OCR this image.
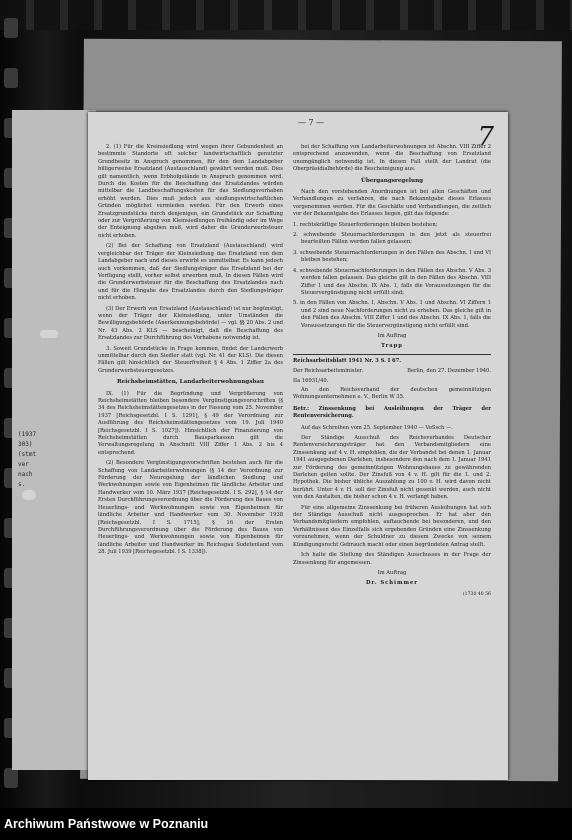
(1937
303)
(stmt
ver
nach
s.
— 7 —	7

2. (1) Für die Kreinsiedlung wird wegen ihrer Gebundenheit an bestimmte Standorte oft solcher landwirtschaftlich genutzter Grundbesitz in Anspruch genommen, für den dem Landabgeber billigerweise Ersatzland (Austauschland) gewährt werden muß. Dies gilt namentlich, wenn Erbhofgelände in Anspruch genommen wird. Durch die Kosten für die Beschaffung des Ersatzlandes würden mittelbar die Landbeschaffungskosten für das Siedlungsvorhaben erhöht werden. Dies muß jedoch aus siedlungswirtschaftlichen Gründen möglichst vermieden werden. Für den Erwerb eines Ersatzgrundstücks durch denjenigen, ein Grundstück zur Schaffung oder zur Vergrößerung von Kleinsiedlungen freihändig oder im Wege der Enteignung abgeben muß, wird daher die Grunderwerbsteuer nicht erhoben.

(2) Bei der Schaffung von Ersatzland (Austauschland) wird vergleichbar der Träger der Kleinsiedlung das Ersatzland von dem Landabgeber nach und dieses erwirbt es unmittelbar. Es kann jedoch auch vorkommen, daß der Siedlungsträger das Ersatzland bei der Verfügung stellt, vorher selbst erwerben muß. In diesen Fällen wird die Grunderwerbsteuer für die Beschaffung des Ersatzlandes nach und für die Hingabe des Ersatzlandes durch den Siedlungsträger nicht erhoben.

(3) Der Erwerb von Ersatzland (Austauschland) ist nur begünstigt, wenn der Träger der Kleinsiedlung, unter Umständen die Bewilligungsbehörde (Anerkennungsbehörde) — vgl. §§ 20 Abs. 2 und Nr. 43 Abs. 2 KLS — bescheinigt, daß die Beschaffung des Ersatzlandes zur Durchführung des Vorhabens notwendig ist.

3. Soweit Grundstücke in Frage kommen, findet der Landerwerb unmittelbar durch den Siedler statt (vgl. Nr. 41 der KLS). Die diesen Fällen gilt hinsichtlich der Steuerfreiheit § 4 Abs. 1 Ziffer 2a des Grunderwerbsteuergesetzes.

Reichsheimstätten, Landarbeiterwohnungsbau

IX. (1) Für die Begründung und Vergrößerung von Reichsheimstätten bleiben besondere Vergünstigungsvorschriften (§ 34 des Reichsheimstättengesetzes in der Fassung vom 25. November 1937 [Reichsgesetzbl. I S. 1291], § 49 der Verordnung zur Ausführung des Reichsheimstättengesetzes vom 19. Juli 1940 [Reichsgesetzbl. I S. 1027]). Hinsichtlich der Finanzierung von Reichsheimstätten durch Bausparkassen gilt die Verwaltungsregelung in Abschnitt VIII Ziffer 1 Abs. 2 bis 4 entsprechend.

(2) Besondere Vergünstigungsvorschriften bestehen auch für die Schaffung von Landarbeiterwohnungen (§ 14 der Verordnung zur Förderung der Neuregelung der ländlichen Siedlung und Werkwohnungen sowie von Eigenheimen für ländliche Arbeiter und Handwerker vom 10. März 1937 [Reichsgesetzbl. I S. 292], § 14 der Ersten Durchführungsverordnung über die Förderung des Baues von Heuerlings- und Werkwohnungen sowie von Eigenheimen für ländliche Arbeiter und Handwerker vom 30. November 1938 [Reichsgesetzbl. I S. 1715], § 16 der Ersten Durchführungsverordnung über die Förderung des Baues von Heuerlings- und Werkwohnungen sowie von Eigenheimen für ländliche Arbeiter und Handwerker im Reichsgau Sudetenland vom 28. Juli 1939 [Reichsgesetzbl. I S. 1338]).

bei der Schaffung von Landarbeiterwohnungen ist Abschn. VIII Ziffer 2 entsprechend anzuwenden, wenn die Beschaffung von Ersatzland unumgänglich notwendig ist. In diesen Fall stellt der Landrat (die Oberpräsidialbehörde) die Bescheinigung aus.

Übergangsregelung

Nach den vorstehenden Anordnungen ist bei allen Geschäften und Verhandlungen zu verfahren, die nach Bekanntgabe dieses Erlasses vorgenommen werden. Für die Geschäfte und Verhandlungen, die zeitlich vor der Bekanntgabe des Erlasses liegen, gilt das folgende:

1. rechtskräftige Steuerforderungen bleiben bestehen;

2. schwebende Steuernachforderungen in den jetzt als steuerfrei beurteilten Fällen werden fallen gelassen;

3. schwebende Steuernachforderungen in den Fällen des Abschn. I und VI bleiben bestehen;

4. schwebende Steuernachforderungen in den Fällen des Abschn. V Abs. 3 werden fallen gelassen. Das gleiche gilt in den Fällen des Abschn. VIII Ziffer 1 und des Abschn. IX Abs. 1, falls die Voraussetzungen für die Steuervergünstigung nicht erfüllt sind;

5. in den Fällen von Abschn. I, Abschn. V Abs. 1 und Abschn. VI Ziffern 1 und 2 sind neue Nachforderungen nicht zu erheben. Das gleiche gilt in den Fällen des Abschn. VIII Ziffer 1 und des Abschn. IX Abs. 1, falls die Voraussetzungen für die Steuervergünstigung nicht erfüllt sind.

Im Auftrag

Trapp

Reichsarbeitsblatt 1941 Nr. 3 S. I 67.

Der Reichsarbeitsminister.	Berlin, den 27. Dezember 1940.
IIa 16931/40.

An den Reichsverband der deutschen gemeinnützigen Wohnungsunternehmen e. V., Berlin W 35.

Betr.: Zinssenkung bei Ausleihungen der Träger der Rentenversicherung.

Auf das Schreiben vom 25. September 1940 — VoSsch —.

Der Ständige Ausschuß des Reichsverbandes Deutscher Rentenversicherungsträger hat den Verbandsmitgliedern eine Zinssenkung auf 4 v. H. empfohlen, die der Verbandst bei denen 1. Januar 1941 ausgegebenen Darlehen, insbesondere den nach dem 1. Januar 1941 zur Förderung des gemeinnützigen Wohnungsbaues zu gewährenden Darlehen gelten sollte. Der Zinsfuß von 4 v. H. gilt für die 1. und 2. Hypothek. Die bisher übliche Auszahlung zu 100 v. H. wird davon nicht berührt. Unter 4 v. H. soll der Zinsfuß nicht gesenkt werden, auch nicht von den Anstalten, die bisher schon 4 v. H. verlangt haben.

Für eine allgemeine Zinssenkung bei früheren Ausleihungen hat sich der Ständige Ausschuß nicht ausgesprochen. Er hat aber den Verbandsmitgliedern empfohlen, auftauchende bei besonderen, und den Verhältnissen des Einzelfalls sich ergebenden Gründen eine Zinssenkung vorzunehmen, wenn der Schuldner zu diesem Zwecke von seinem Kündigungsrecht Gebrauch macht oder einen begründeten Antrag stellt.

Ich halte die Stellung des Ständigen Ausschusses in der Frage der Zinssenkung für angemessen.

Im Auftrag

Dr. Schimmer

(1730 40 56

Archiwum Państwowe w Poznaniu
